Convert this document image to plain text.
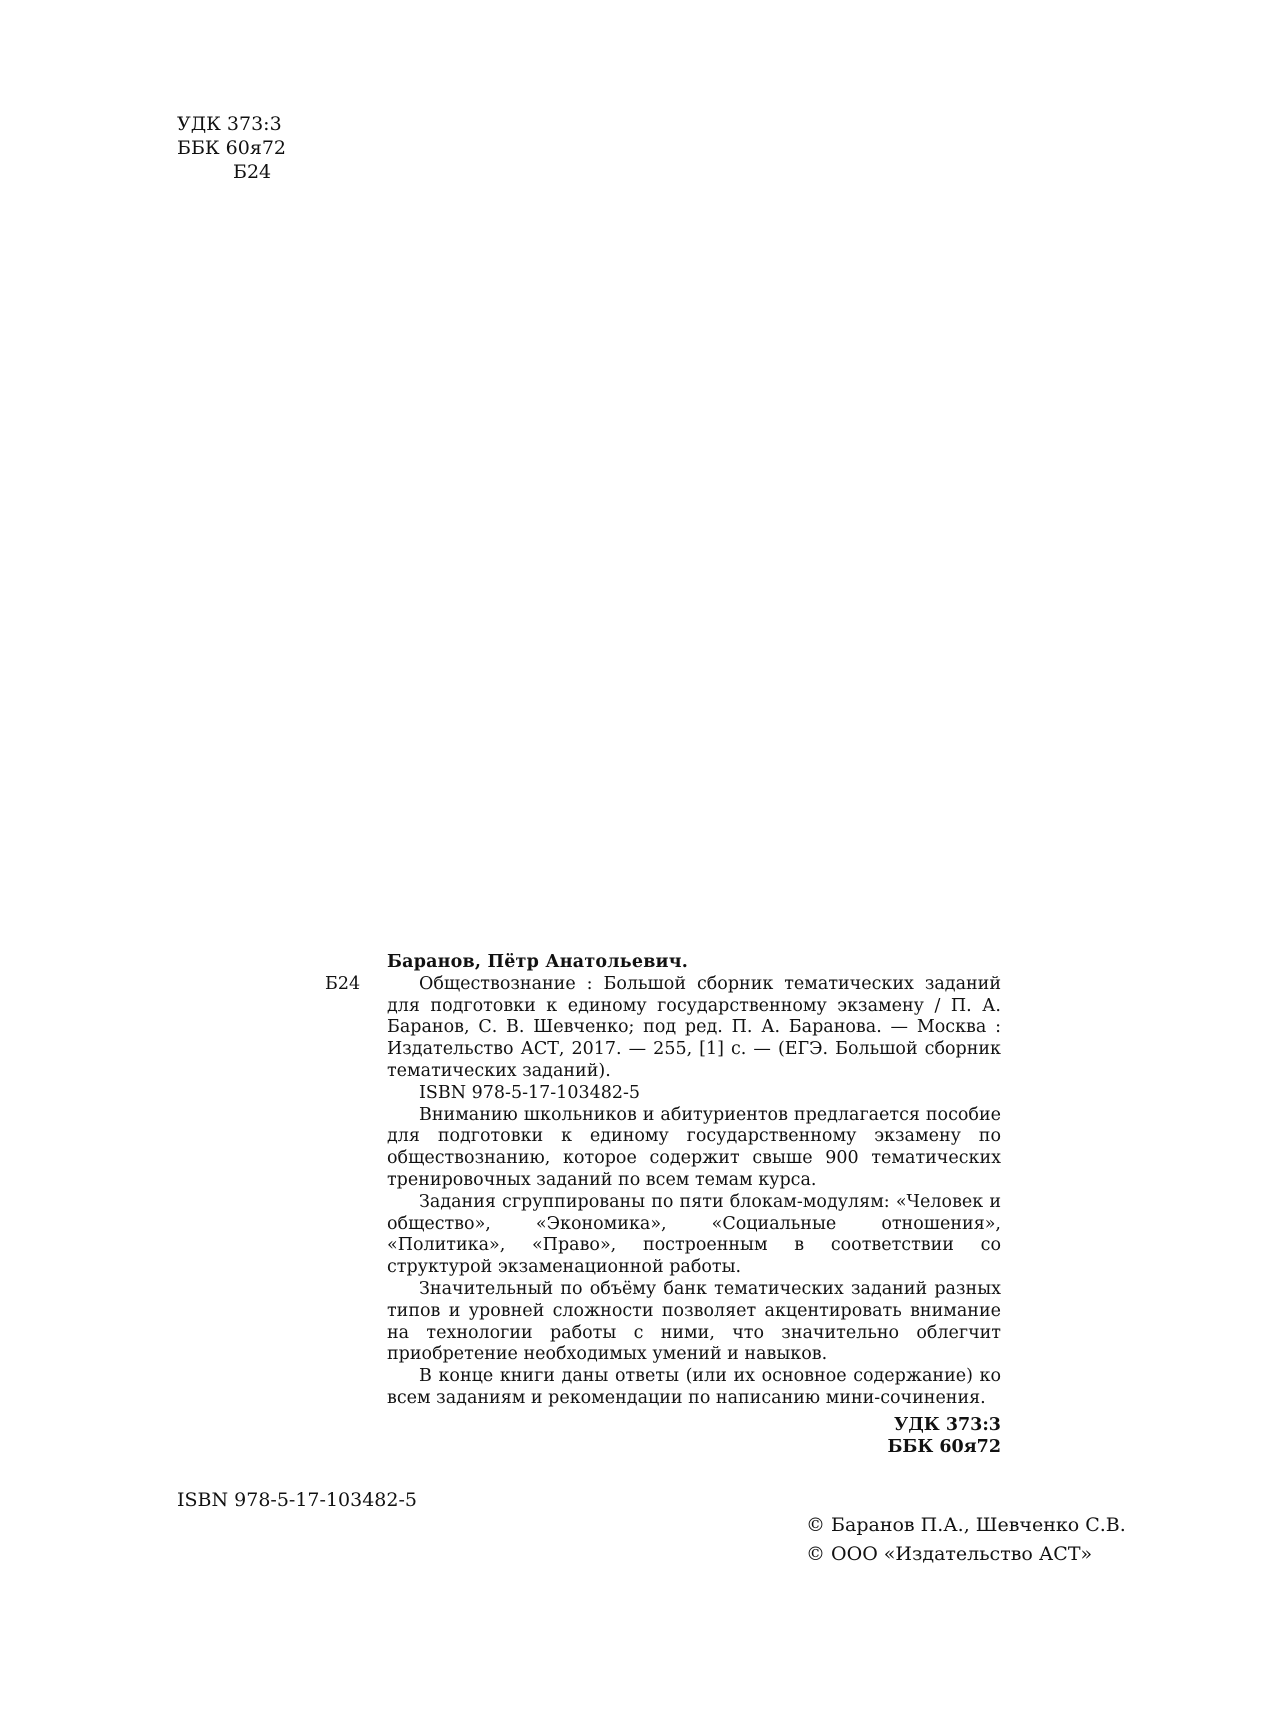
УДК 373:3
ББК 60я72
Б24
Баранов, Пётр Анатольевич.
Б24	Обществознание : Большой сборник тематических заданий для подготовки к единому государственному экзамену / П. А. Баранов, С. В. Шевченко; под ред. П. А. Баранова. — Москва : Издательство АСТ, 2017. — 255, [1] с. — (ЕГЭ. Большой сборник тематических заданий).
ISBN 978-5-17-103482-5
Вниманию школьников и абитуриентов предлагается пособие для подготовки к единому государственному экзамену по обществознанию, которое содержит свыше 900 тематических тренировочных заданий по всем темам курса.
Задания сгруппированы по пяти блокам-модулям: «Человек и общество», «Экономика», «Социальные отношения», «Политика», «Право», построенным в соответствии со структурой экзаменационной работы.
Значительный по объёму банк тематических заданий разных типов и уровней сложности позволяет акцентировать внимание на технологии работы с ними, что значительно облегчит приобретение необходимых умений и навыков.
В конце книги даны ответы (или их основное содержание) ко всем заданиям и рекомендации по написанию мини-сочинения.
УДК 373:3
ББК 60я72
ISBN 978-5-17-103482-5
© Баранов П.А., Шевченко С.В.
© ООО «Издательство АСТ»
